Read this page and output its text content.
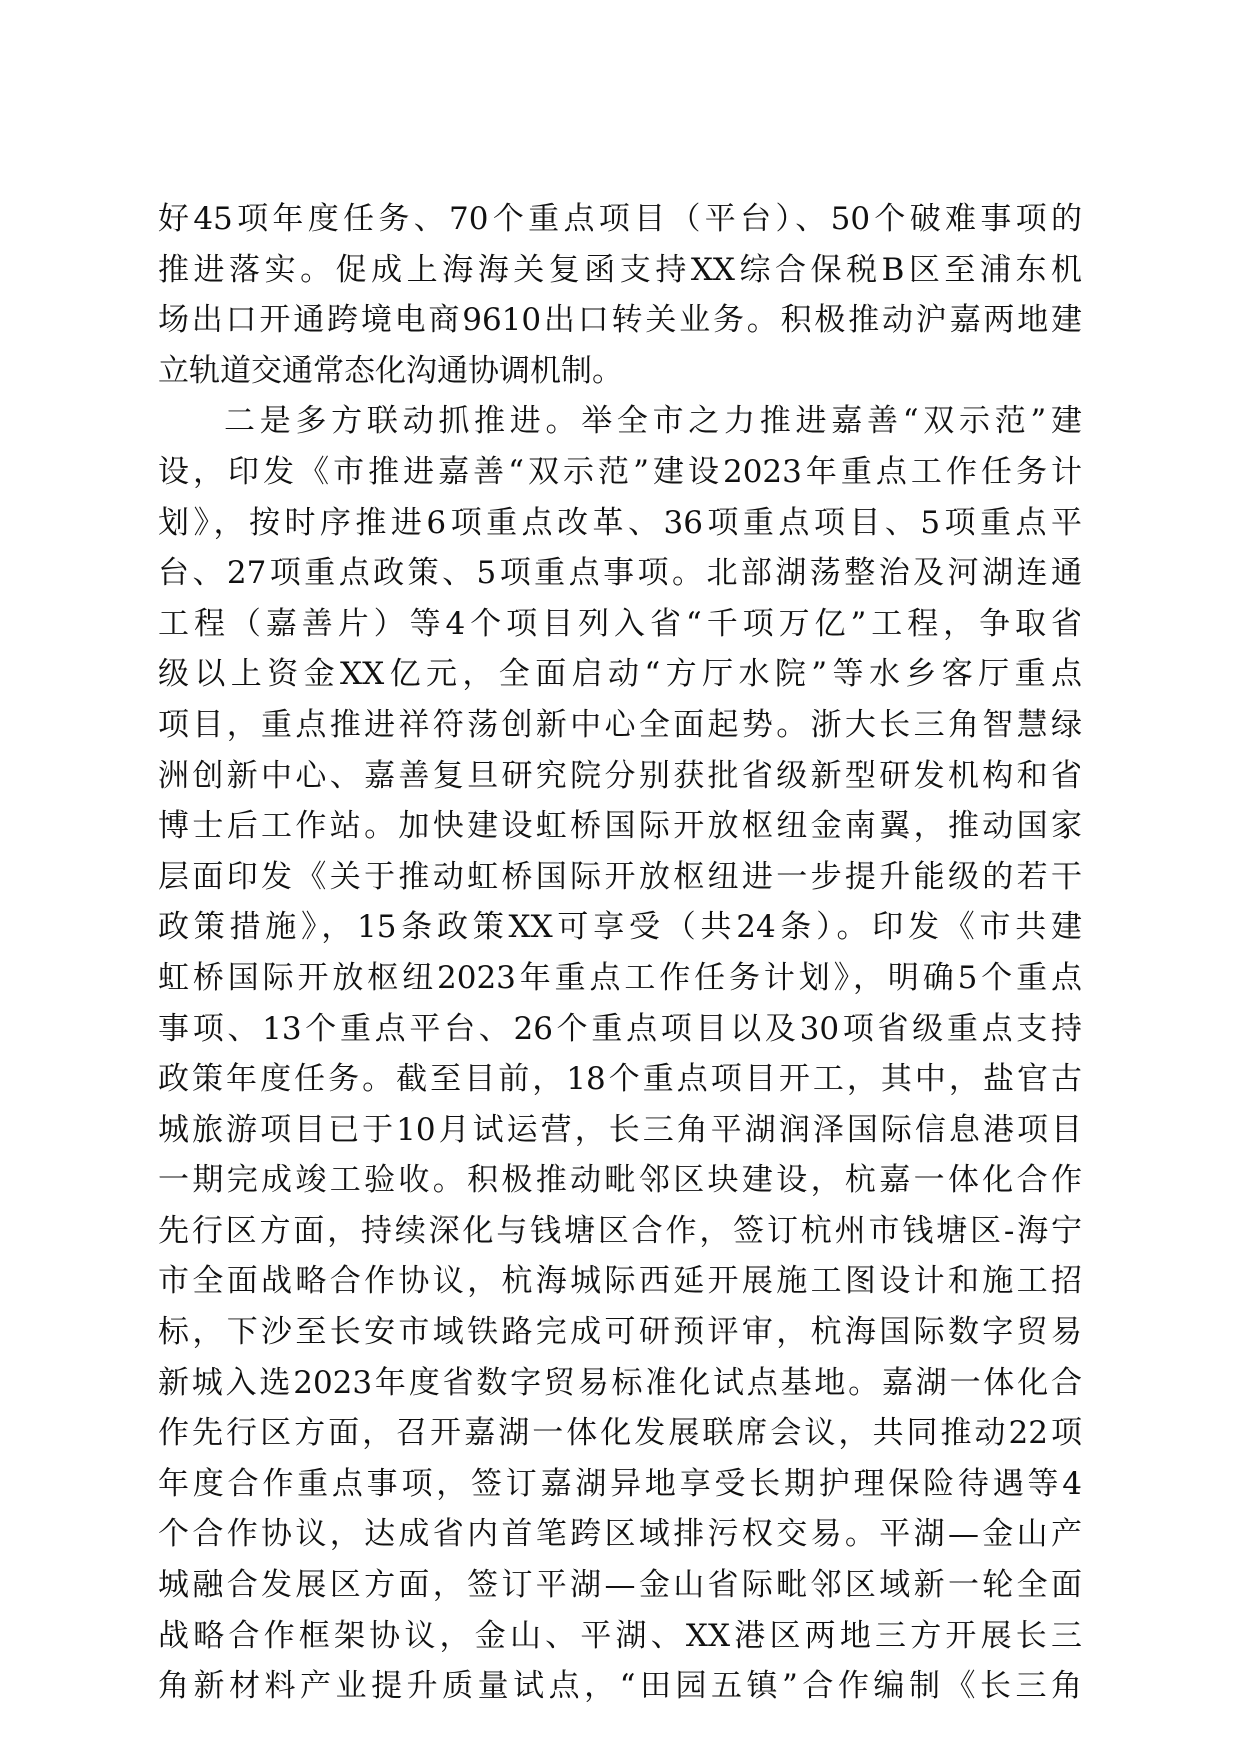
好45项年度任务、70个重点项目（平台）、50个破难事项的
推进落实。促成上海海关复函支持XX综合保税B区至浦东机
场出口开通跨境电商9610出口转关业务。积极推动沪嘉两地建
立轨道交通常态化沟通协调机制。
二是多方联动抓推进。举全市之力推进嘉善“双示范”建
设，印发《市推进嘉善“双示范”建设2023年重点工作任务计
划》，按时序推进6项重点改革、36项重点项目、5项重点平
台、27项重点政策、5项重点事项。北部湖荡整治及河湖连通
工程（嘉善片）等4个项目列入省“千项万亿”工程，争取省
级以上资金XX亿元，全面启动“方厅水院”等水乡客厅重点
项目，重点推进祥符荡创新中心全面起势。浙大长三角智慧绿
洲创新中心、嘉善复旦研究院分别获批省级新型研发机构和省
博士后工作站。加快建设虹桥国际开放枢纽金南翼，推动国家
层面印发《关于推动虹桥国际开放枢纽进一步提升能级的若干
政策措施》，15条政策XX可享受（共24条）。印发《市共建
虹桥国际开放枢纽2023年重点工作任务计划》，明确5个重点
事项、13个重点平台、26个重点项目以及30项省级重点支持
政策年度任务。截至目前，18个重点项目开工，其中，盐官古
城旅游项目已于10月试运营，长三角平湖润泽国际信息港项目
一期完成竣工验收。积极推动毗邻区块建设，杭嘉一体化合作
先行区方面，持续深化与钱塘区合作，签订杭州市钱塘区-海宁
市全面战略合作协议，杭海城际西延开展施工图设计和施工招
标，下沙至长安市域铁路完成可研预评审，杭海国际数字贸易
新城入选2023年度省数字贸易标准化试点基地。嘉湖一体化合
作先行区方面，召开嘉湖一体化发展联席会议，共同推动22项
年度合作重点事项，签订嘉湖异地享受长期护理保险待遇等4
个合作协议，达成省内首笔跨区域排污权交易。平湖—金山产
城融合发展区方面，签订平湖—金山省际毗邻区域新一轮全面
战略合作框架协议，金山、平湖、XX港区两地三方开展长三
角新材料产业提升质量试点，“田园五镇”合作编制《长三角
